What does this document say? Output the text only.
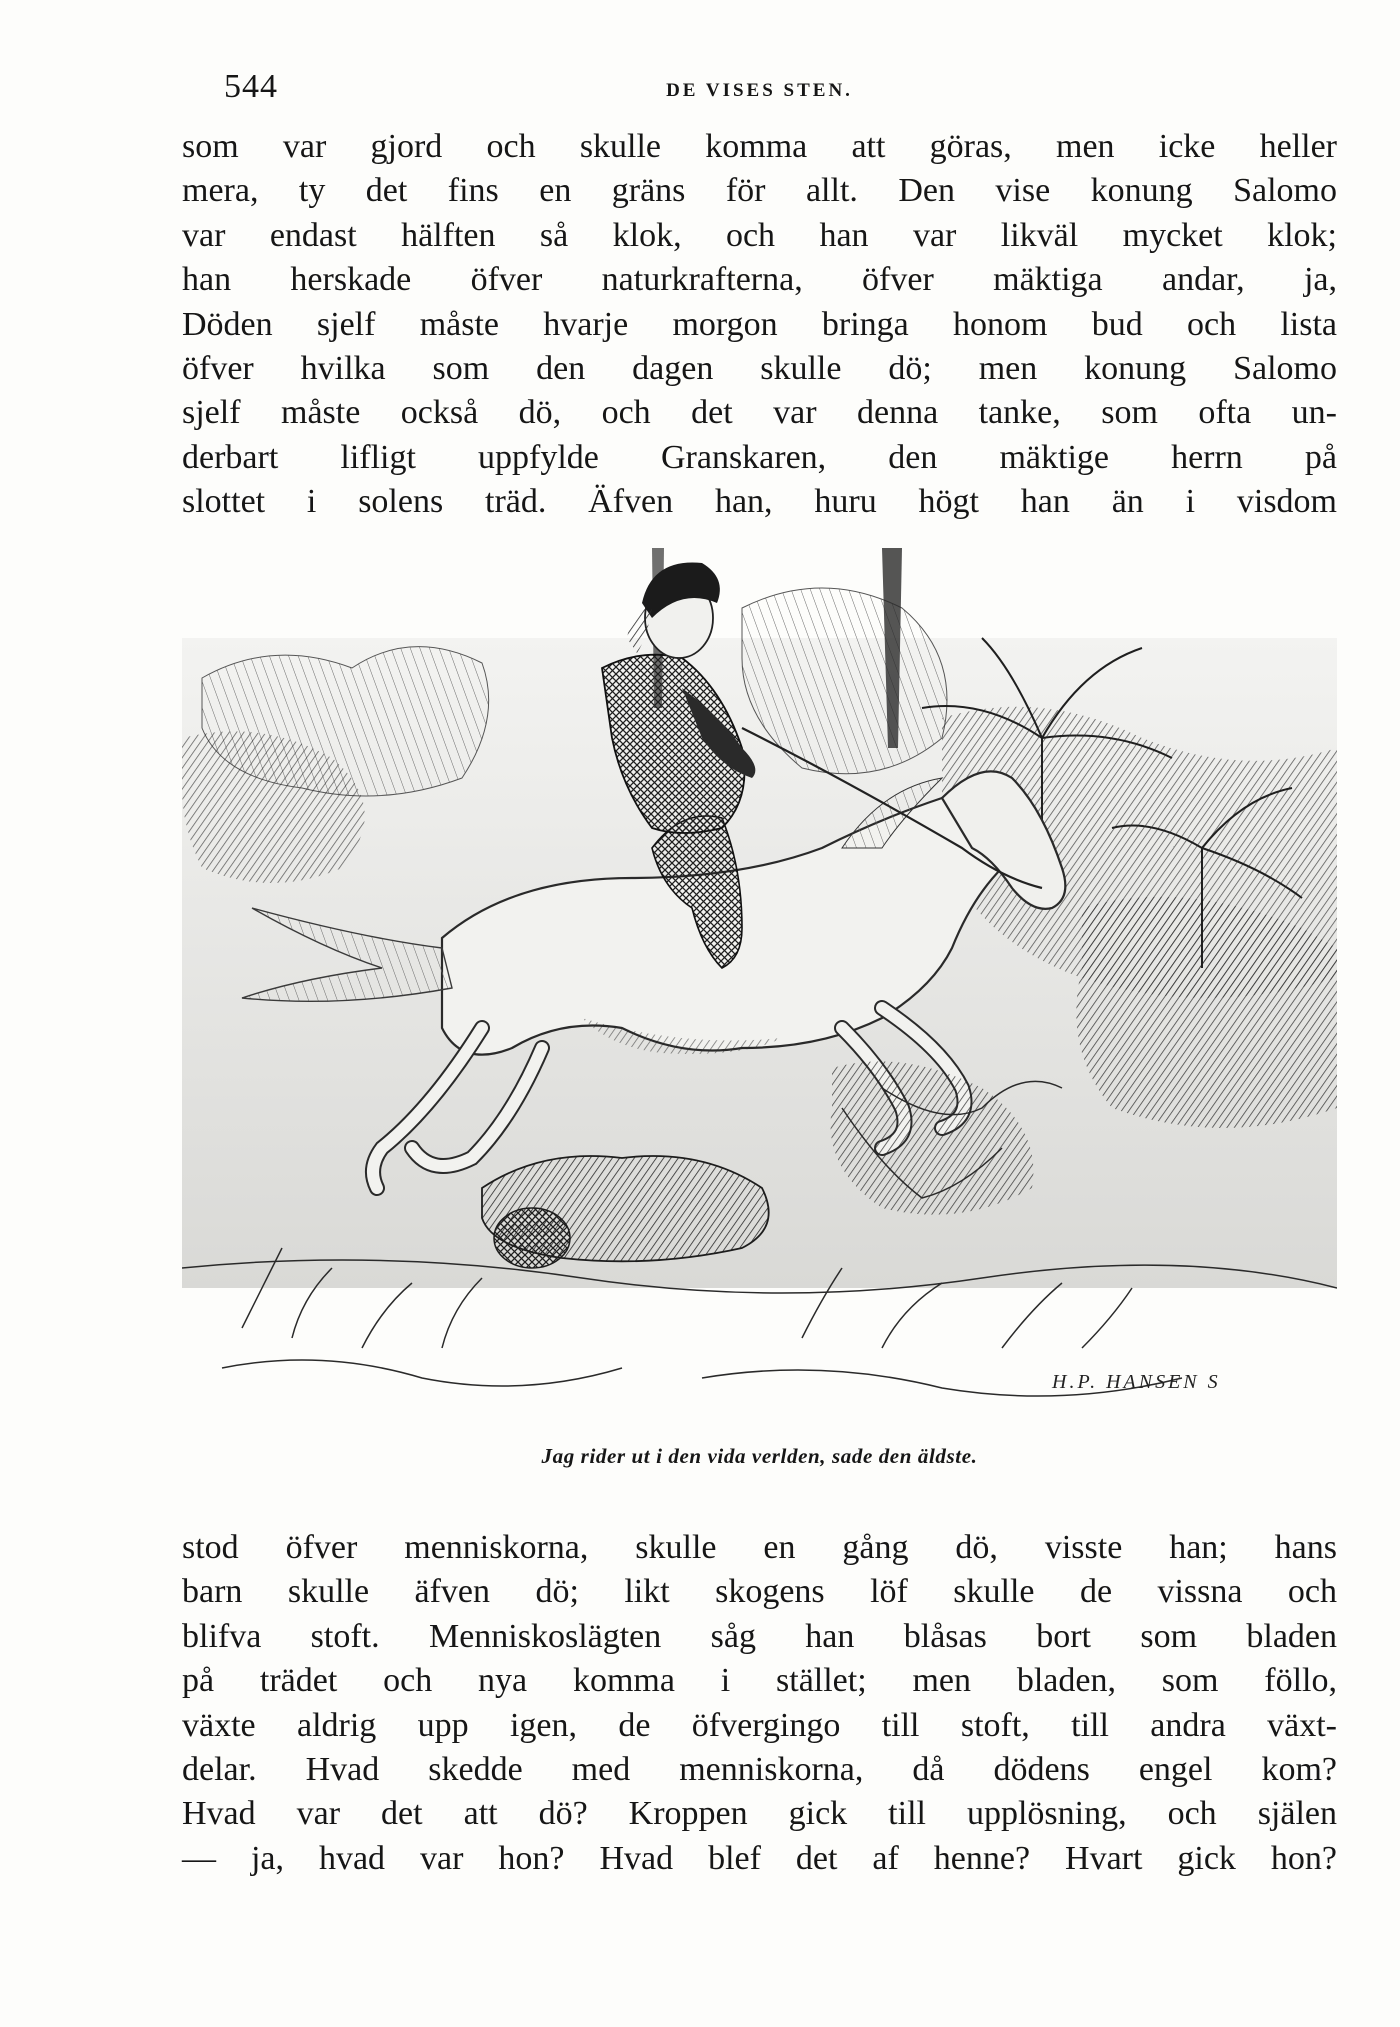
544	DE VISES STEN.
som var gjord och skulle komma att göras, men icke heller
mera, ty det fins en gräns för allt. Den vise konung Salomo
var endast hälften så klok, och han var likväl mycket klok;
han herskade öfver naturkrafterna, öfver mäktiga andar, ja,
Döden sjelf måste hvarje morgon bringa honom bud och lista
öfver hvilka som den dagen skulle dö; men konung Salomo
sjelf måste också dö, och det var denna tanke, som ofta un-
derbart lifligt uppfylde Granskaren, den mäktige herrn på
slottet i solens träd. Äfven han, huru högt han än i visdom
H.P. HANSEN S
Jag rider ut i den vida verlden, sade den äldste.
stod öfver menniskorna, skulle en gång dö, visste han; hans
barn skulle äfven dö; likt skogens löf skulle de vissna och
blifva stoft. Menniskoslägten såg han blåsas bort som bladen
på trädet och nya komma i stället; men bladen, som föllo,
växte aldrig upp igen, de öfvergingo till stoft, till andra växt-
delar. Hvad skedde med menniskorna, då dödens engel kom?
Hvad var det att dö? Kroppen gick till upplösning, och själen
— ja, hvad var hon? Hvad blef det af henne? Hvart gick hon?
